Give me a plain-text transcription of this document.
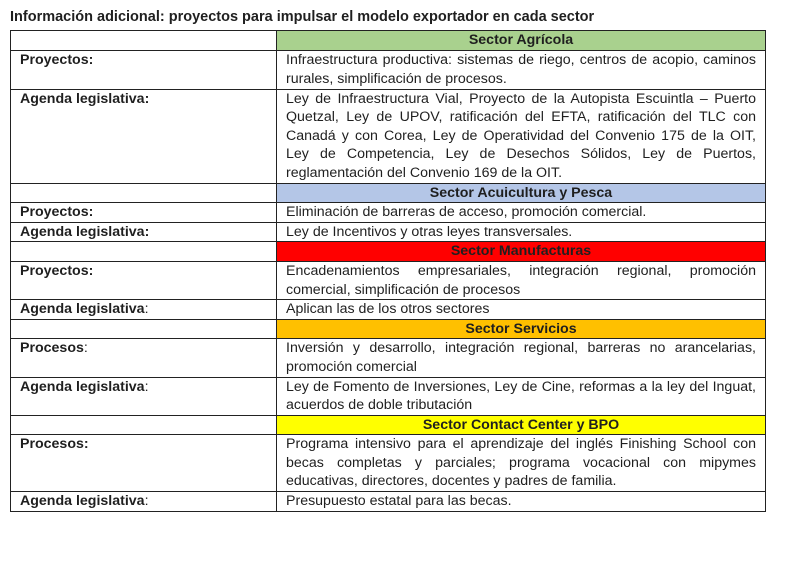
Información adicional: proyectos para impulsar el modelo exportador en cada sector
	Sector Agrícola
Proyectos:	Infraestructura productiva: sistemas de riego, centros de acopio, caminos rurales, simplificación de procesos.
Agenda legislativa:	Ley de Infraestructura Vial, Proyecto de la Autopista Escuintla – Puerto Quetzal, Ley de UPOV, ratificación del EFTA, ratificación del TLC con Canadá y con Corea, Ley de Operatividad del Convenio 175 de la OIT, Ley de Competencia, Ley de Desechos Sólidos, Ley de Puertos, reglamentación del Convenio 169 de la OIT.
	Sector Acuicultura y Pesca
Proyectos:	Eliminación de barreras de acceso, promoción comercial.
Agenda legislativa:	Ley de Incentivos y otras leyes transversales.
	Sector Manufacturas
Proyectos:	Encadenamientos empresariales, integración regional, promoción comercial, simplificación de procesos
Agenda legislativa:	Aplican las de los otros sectores
	Sector Servicios
Procesos:	Inversión y desarrollo, integración regional, barreras no arancelarias, promoción comercial
Agenda legislativa:	Ley de Fomento de Inversiones, Ley de Cine, reformas a la ley del Inguat, acuerdos de doble tributación
	Sector Contact Center y BPO
Procesos:	Programa intensivo para el aprendizaje del inglés Finishing School con becas completas y parciales; programa vocacional con mipymes educativas, directores, docentes y padres de familia.
Agenda legislativa:	Presupuesto estatal para las becas.
